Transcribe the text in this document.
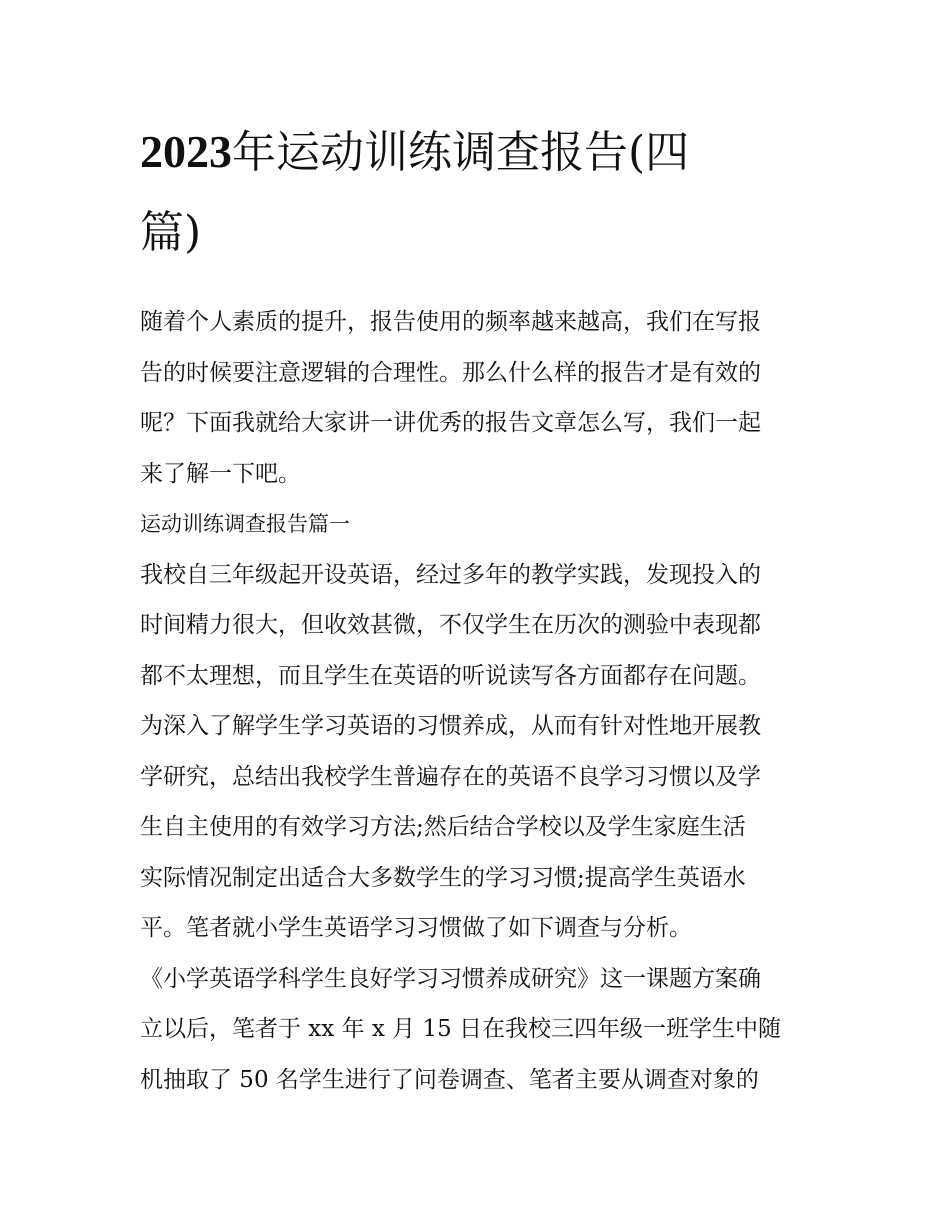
2023年运动训练调查报告(四
篇)

随着个人素质的提升，报告使用的频率越来越高，我们在写报
告的时候要注意逻辑的合理性。那么什么样的报告才是有效的
呢？下面我就给大家讲一讲优秀的报告文章怎么写，我们一起
来了解一下吧。

运动训练调查报告篇一

我校自三年级起开设英语，经过多年的教学实践，发现投入的
时间精力很大，但收效甚微，不仅学生在历次的测验中表现都
都不太理想，而且学生在英语的听说读写各方面都存在问题。
为深入了解学生学习英语的习惯养成，从而有针对性地开展教
学研究，总结出我校学生普遍存在的英语不良学习习惯以及学
生自主使用的有效学习方法;然后结合学校以及学生家庭生活
实际情况制定出适合大多数学生的学习习惯;提高学生英语水
平。笔者就小学生英语学习习惯做了如下调查与分析。

《小学英语学科学生良好学习习惯养成研究》这一课题方案确
立以后，笔者于 xx 年 x 月 15 日在我校三四年级一班学生中随
机抽取了 50 名学生进行了问卷调查、笔者主要从调查对象的
